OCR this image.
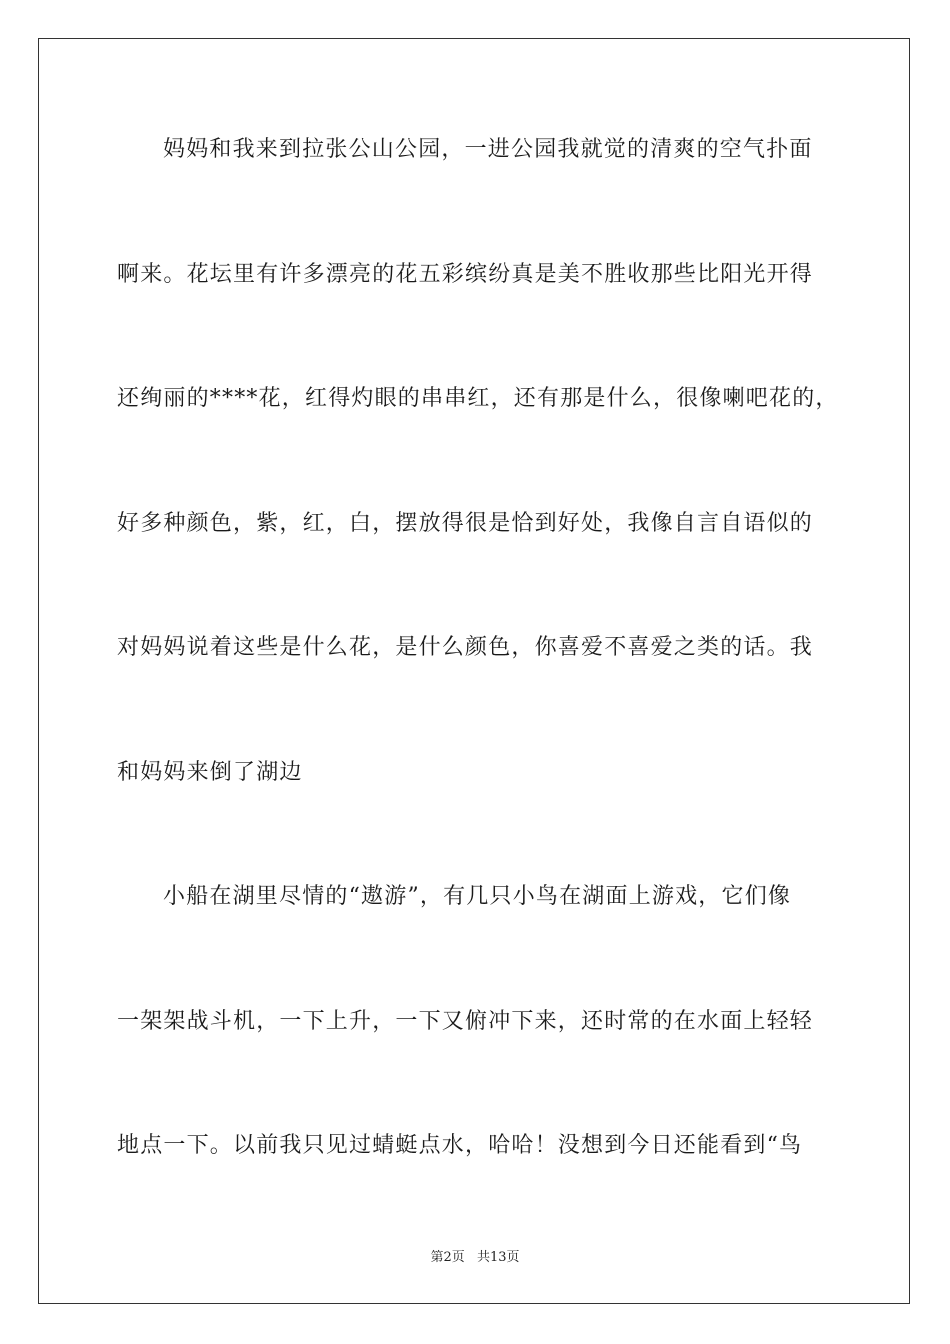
妈妈和我来到拉张公山公园，一进公园我就觉的清爽的空气扑面
啊来。花坛里有许多漂亮的花五彩缤纷真是美不胜收那些比阳光开得
还绚丽的****花，红得灼眼的串串红，还有那是什么，很像喇吧花的，
好多种颜色，紫，红，白，摆放得很是恰到好处，我像自言自语似的
对妈妈说着这些是什么花，是什么颜色，你喜爱不喜爱之类的话。我
和妈妈来倒了湖边
小船在湖里尽情的“遨游”，有几只小鸟在湖面上游戏，它们像
一架架战斗机，一下上升，一下又俯冲下来，还时常的在水面上轻轻
地点一下。以前我只见过蜻蜓点水，哈哈！没想到今日还能看到“鸟
第2页 共13页
